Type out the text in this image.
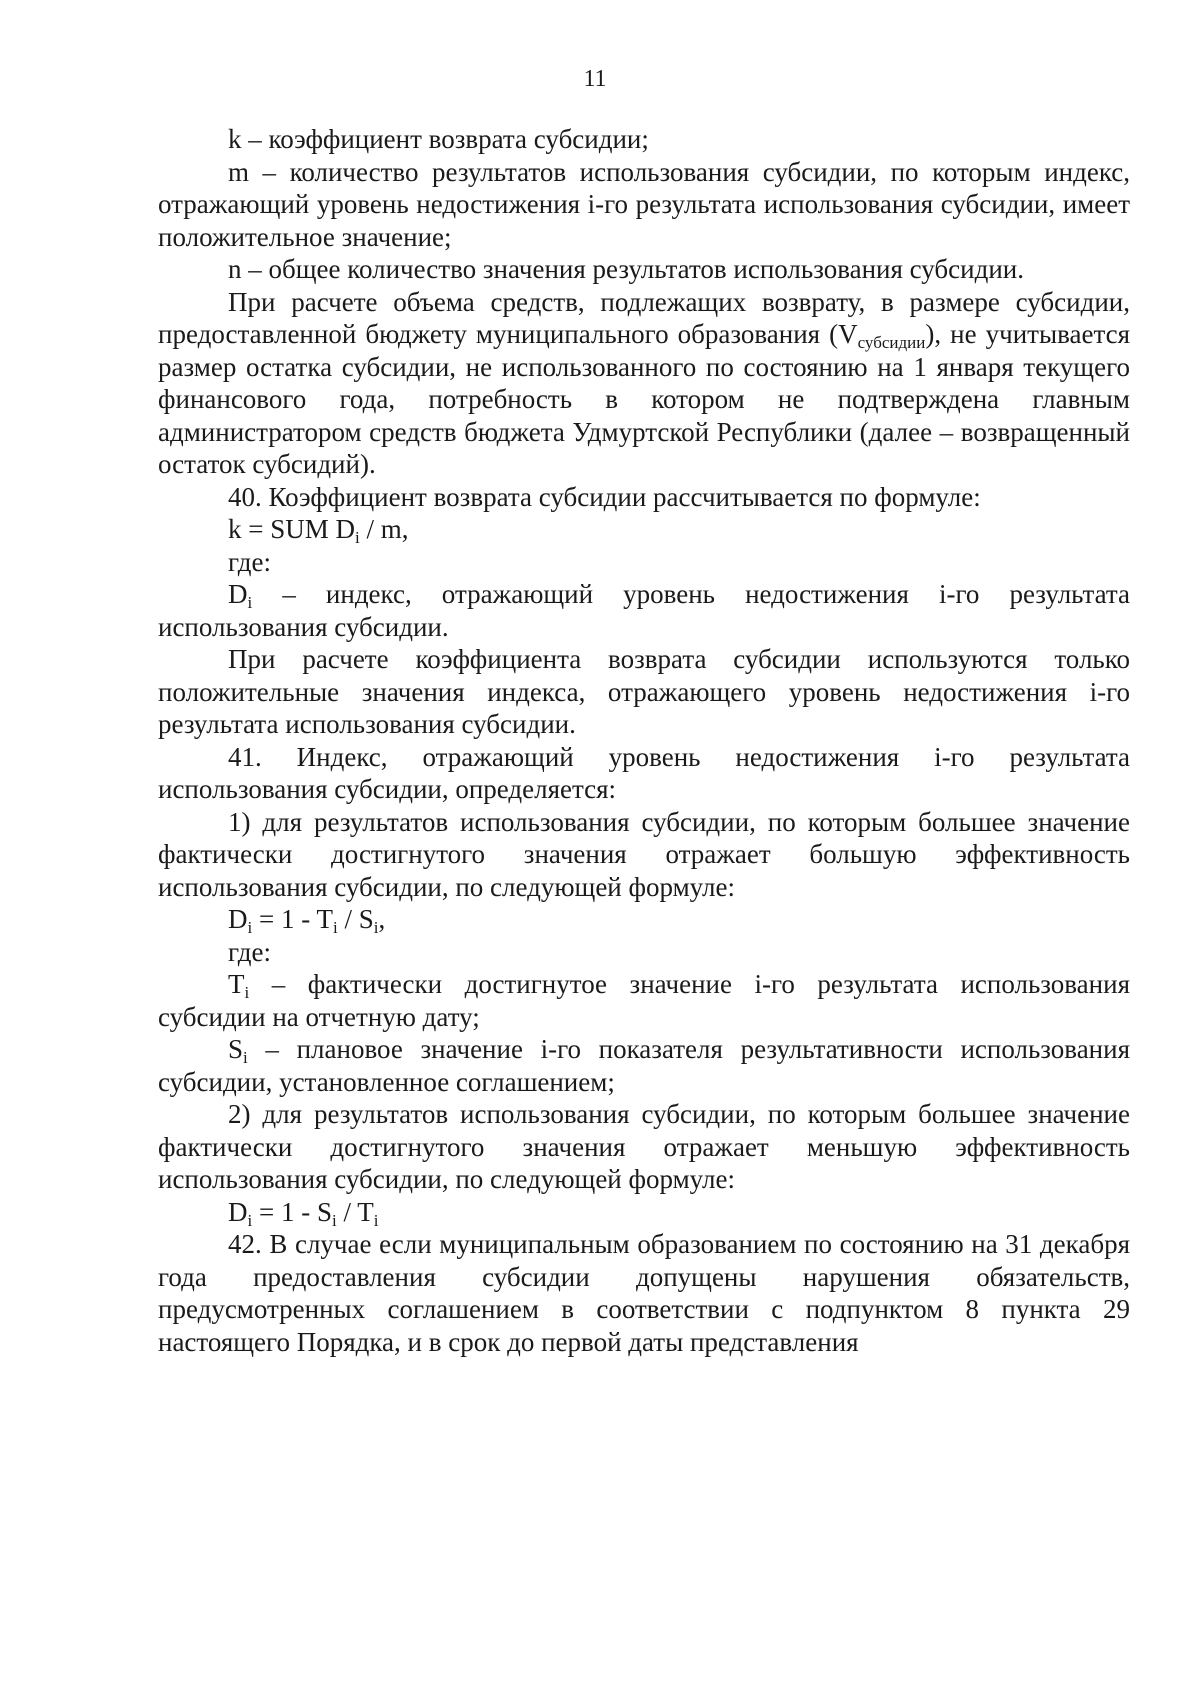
11

k – коэффициент возврата субсидии;

m – количество результатов использования субсидии, по которым индекс, отражающий уровень недостижения i-го результата использования субсидии, имеет положительное значение;

n – общее количество значения результатов использования субсидии.

При расчете объема средств, подлежащих возврату, в размере субсидии, предоставленной бюджету муниципального образования $(V_{субсидии})$, не учитывается размер остатка субсидии, не использованного по состоянию на 1 января текущего финансового года, потребность в котором не подтверждена главным администратором средств бюджета Удмуртской Республики (далее – возвращенный остаток субсидий).

40. Коэффициент возврата субсидии рассчитывается по формуле:

k = SUM $D_i$ / m,

где:

$D_i$ – индекс, отражающий уровень недостижения i-го результата использования субсидии.

При расчете коэффициента возврата субсидии используются только положительные значения индекса, отражающего уровень недостижения i-го результата использования субсидии.

41. Индекс, отражающий уровень недостижения i-го результата использования субсидии, определяется:

1) для результатов использования субсидии, по которым большее значение фактически достигнутого значения отражает большую эффективность использования субсидии, по следующей формуле:

$D_i = 1 - T_i / S_i$,

где:

$T_i$ – фактически достигнутое значение i-го результата использования субсидии на отчетную дату;

$S_i$ – плановое значение i-го показателя результативности использования субсидии, установленное соглашением;

2) для результатов использования субсидии, по которым большее значение фактически достигнутого значения отражает меньшую эффективность использования субсидии, по следующей формуле:

$D_i = 1 - S_i / T_i$

42. В случае если муниципальным образованием по состоянию на 31 декабря года предоставления субсидии допущены нарушения обязательств, предусмотренных соглашением в соответствии с подпунктом 8 пункта 29 настоящего Порядка, и в срок до первой даты представления
